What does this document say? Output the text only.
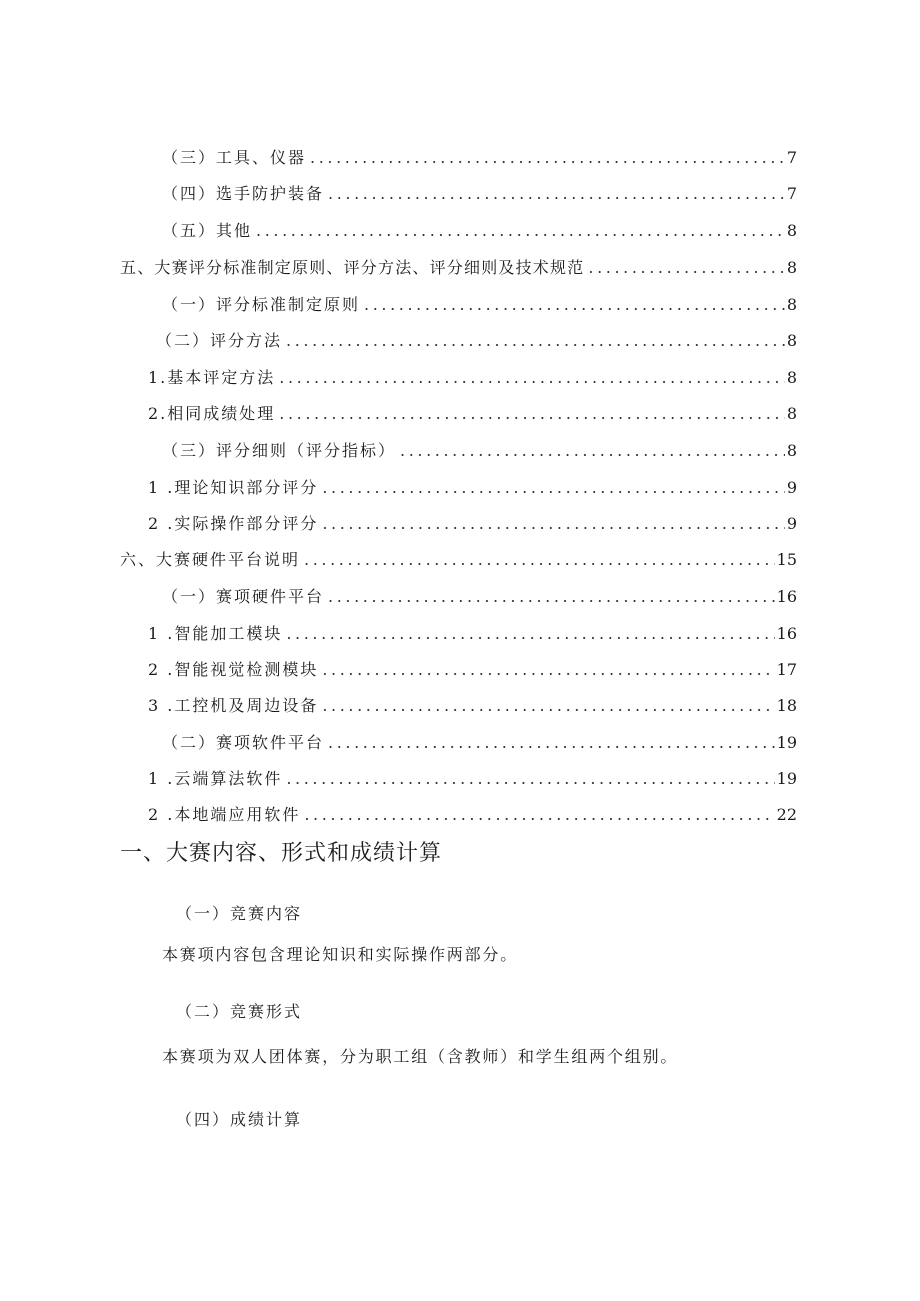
（三）工具、仪器 .....	7
（四）选手防护装备 .....	7
（五）其他 .....	8
五、大赛评分标准制定原则、评分方法、评分细则及技术规范 .....	8
（一）评分标准制定原则 .....	8
（二）评分方法 .....	8
1.基本评定方法 .....	8
2.相同成绩处理 .....	8
（三）评分细则（评分指标） .....	8
1 .理论知识部分评分 .....	9
2 .实际操作部分评分 .....	9
六、大赛硬件平台说明 .....	15
（一）赛项硬件平台 .....	16
1 .智能加工模块 .....	16
2 .智能视觉检测模块 .....	17
3 .工控机及周边设备 .....	18
（二）赛项软件平台 .....	19
1 .云端算法软件 .....	19
2 .本地端应用软件 .....	22
一、大赛内容、形式和成绩计算
（一）竞赛内容
本赛项内容包含理论知识和实际操作两部分。
（二）竞赛形式
本赛项为双人团体赛，分为职工组（含教师）和学生组两个组别。
（四）成绩计算
